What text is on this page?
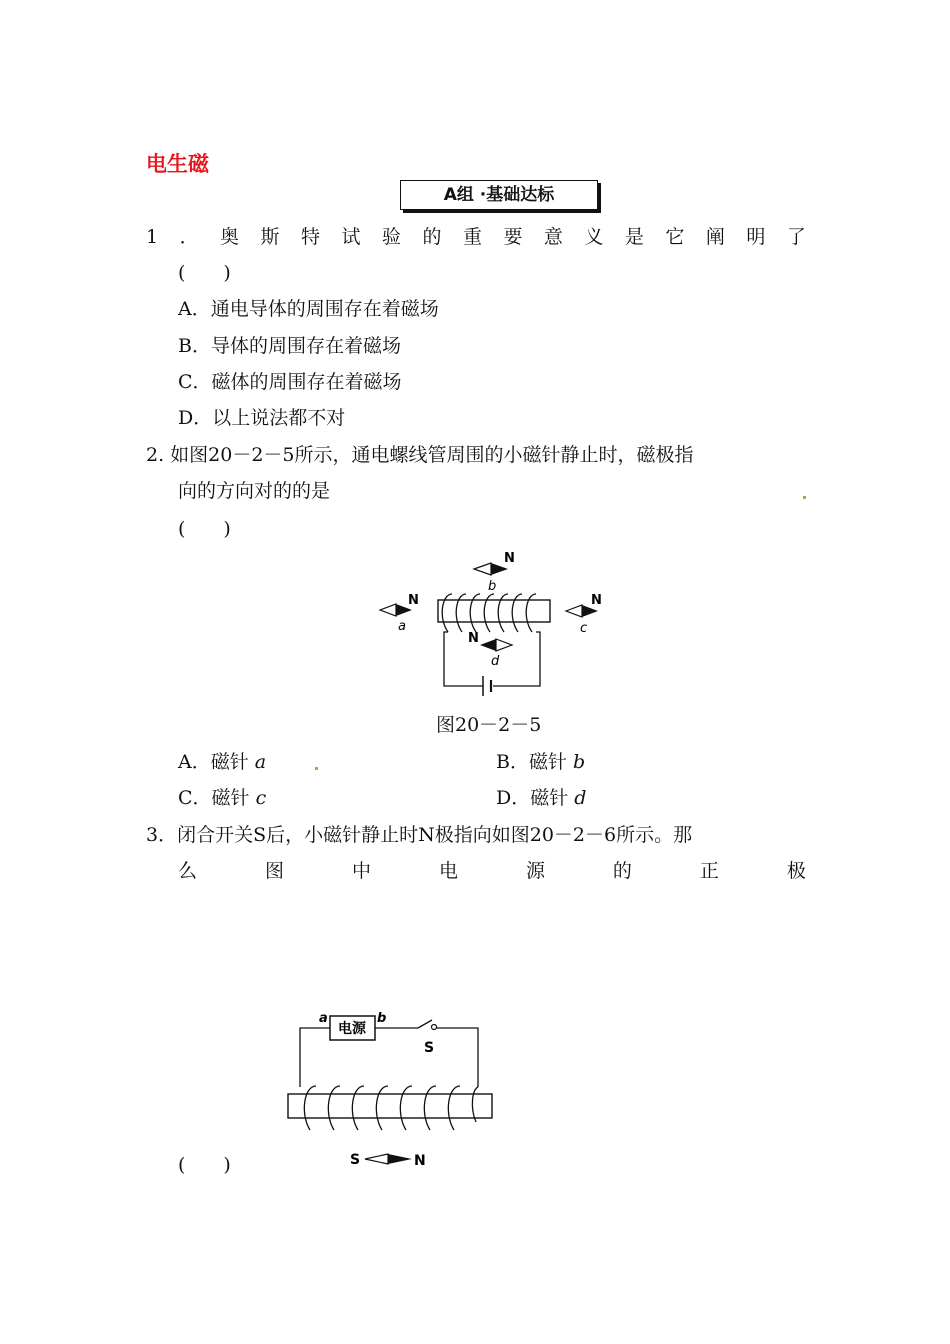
电生磁
A组 ·基础达标
1 ． 奥 斯 特 试 验 的 重 要 意 义 是 它 阐 明 了
(　　)
A．通电导体的周围存在着磁场
B．导体的周围存在着磁场
C．磁体的周围存在着磁场
D．以上说法都不对
2. 如图20－2－5所示，通电螺线管周围的小磁针静止时，磁极指
向的方向对的的是
(　　)
N
b
N
a
N
c
N
d
图20－2－5
A．磁针 a	B．磁针 b
C．磁针 c	D．磁针 d
3．闭合开关S后，小磁针静止时N极指向如图20－2－6所示。那
么	图	中	电	源	的	正	极
电源
a	b
S
S	N
(　　)
